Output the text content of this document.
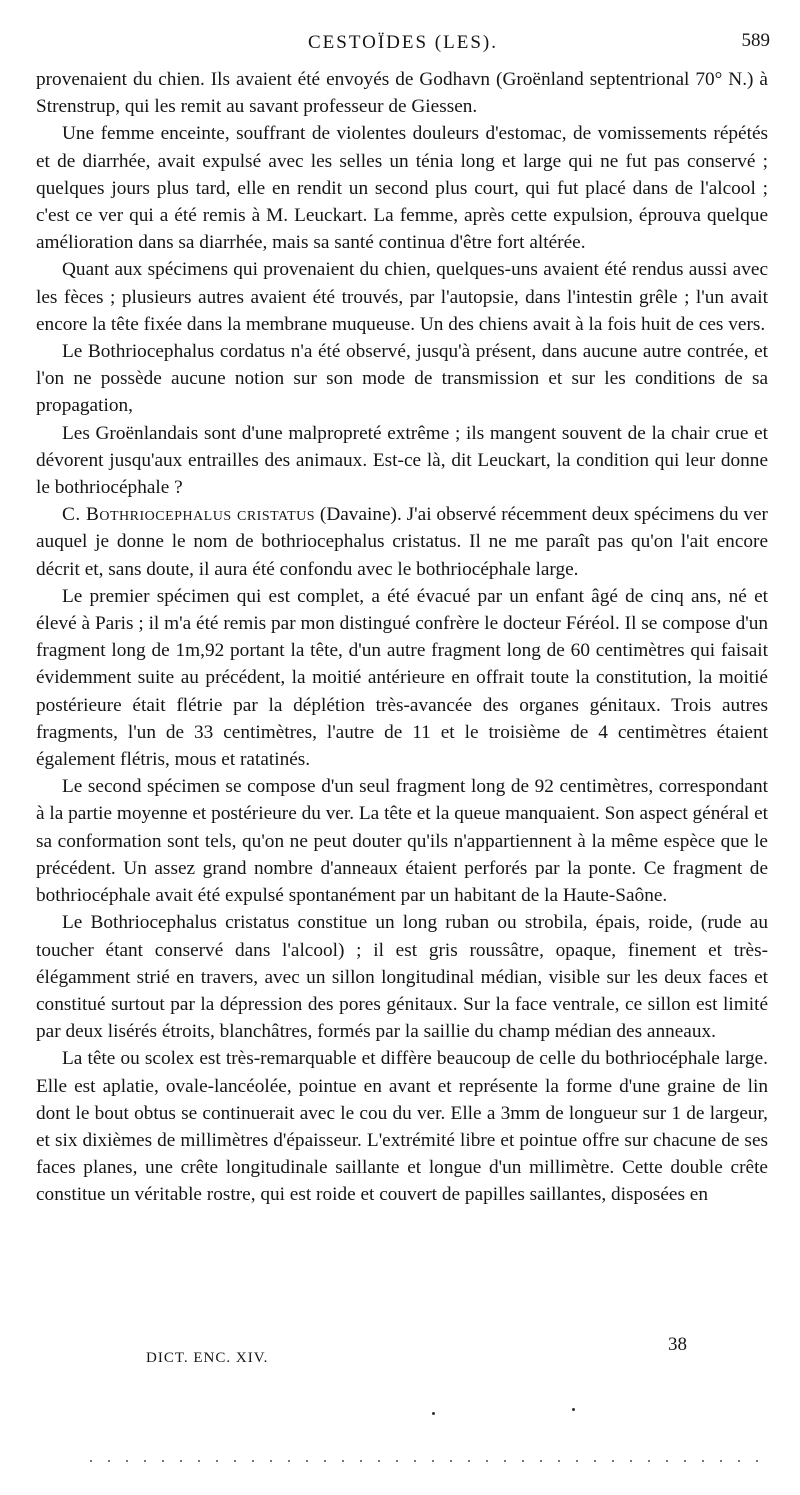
CESTOÏDES (LES).	589

provenaient du chien. Ils avaient été envoyés de Godhavn (Groënland septentrional 70° N.) à Strenstrup, qui les remit au savant professeur de Giessen.

Une femme enceinte, souffrant de violentes douleurs d'estomac, de vomissements répétés et de diarrhée, avait expulsé avec les selles un ténia long et large qui ne fut pas conservé ; quelques jours plus tard, elle en rendit un second plus court, qui fut placé dans de l'alcool ; c'est ce ver qui a été remis à M. Leuckart. La femme, après cette expulsion, éprouva quelque amélioration dans sa diarrhée, mais sa santé continua d'être fort altérée.

Quant aux spécimens qui provenaient du chien, quelques-uns avaient été rendus aussi avec les fèces ; plusieurs autres avaient été trouvés, par l'autopsie, dans l'intestin grêle ; l'un avait encore la tête fixée dans la membrane muqueuse. Un des chiens avait à la fois huit de ces vers.

Le Bothriocephalus cordatus n'a été observé, jusqu'à présent, dans aucune autre contrée, et l'on ne possède aucune notion sur son mode de transmission et sur les conditions de sa propagation,

Les Groënlandais sont d'une malpropreté extrême ; ils mangent souvent de la chair crue et dévorent jusqu'aux entrailles des animaux. Est-ce là, dit Leuckart, la condition qui leur donne le bothriocéphale ?

C. Bothriocephalus cristatus (Davaine). J'ai observé récemment deux spécimens du ver auquel je donne le nom de bothriocephalus cristatus. Il ne me paraît pas qu'on l'ait encore décrit et, sans doute, il aura été confondu avec le bothriocéphale large.

Le premier spécimen qui est complet, a été évacué par un enfant âgé de cinq ans, né et élevé à Paris ; il m'a été remis par mon distingué confrère le docteur Féréol. Il se compose d'un fragment long de 1m,92 portant la tête, d'un autre fragment long de 60 centimètres qui faisait évidemment suite au précédent, la moitié antérieure en offrait toute la constitution, la moitié postérieure était flétrie par la déplétion très-avancée des organes génitaux. Trois autres fragments, l'un de 33 centimètres, l'autre de 11 et le troisième de 4 centimètres étaient également flétris, mous et ratatinés.

Le second spécimen se compose d'un seul fragment long de 92 centimètres, correspondant à la partie moyenne et postérieure du ver. La tête et la queue manquaient. Son aspect général et sa conformation sont tels, qu'on ne peut douter qu'ils n'appartiennent à la même espèce que le précédent. Un assez grand nombre d'anneaux étaient perforés par la ponte. Ce fragment de bothriocéphale avait été expulsé spontanément par un habitant de la Haute-Saône.

Le Bothriocephalus cristatus constitue un long ruban ou strobila, épais, roide, (rude au toucher étant conservé dans l'alcool) ; il est gris roussâtre, opaque, finement et très-élégamment strié en travers, avec un sillon longitudinal médian, visible sur les deux faces et constitué surtout par la dépression des pores génitaux. Sur la face ventrale, ce sillon est limité par deux lisérés étroits, blanchâtres, formés par la saillie du champ médian des anneaux.

La tête ou scolex est très-remarquable et diffère beaucoup de celle du bothriocéphale large. Elle est aplatie, ovale-lancéolée, pointue en avant et représente la forme d'une graine de lin dont le bout obtus se continuerait avec le cou du ver. Elle a 3mm de longueur sur 1 de largeur, et six dixièmes de millimètres d'épaisseur. L'extrémité libre et pointue offre sur chacune de ses faces planes, une crête longitudinale saillante et longue d'un millimètre. Cette double crête constitue un véritable rostre, qui est roide et couvert de papilles saillantes, disposées en

DICT. ENC. XIV.
38
